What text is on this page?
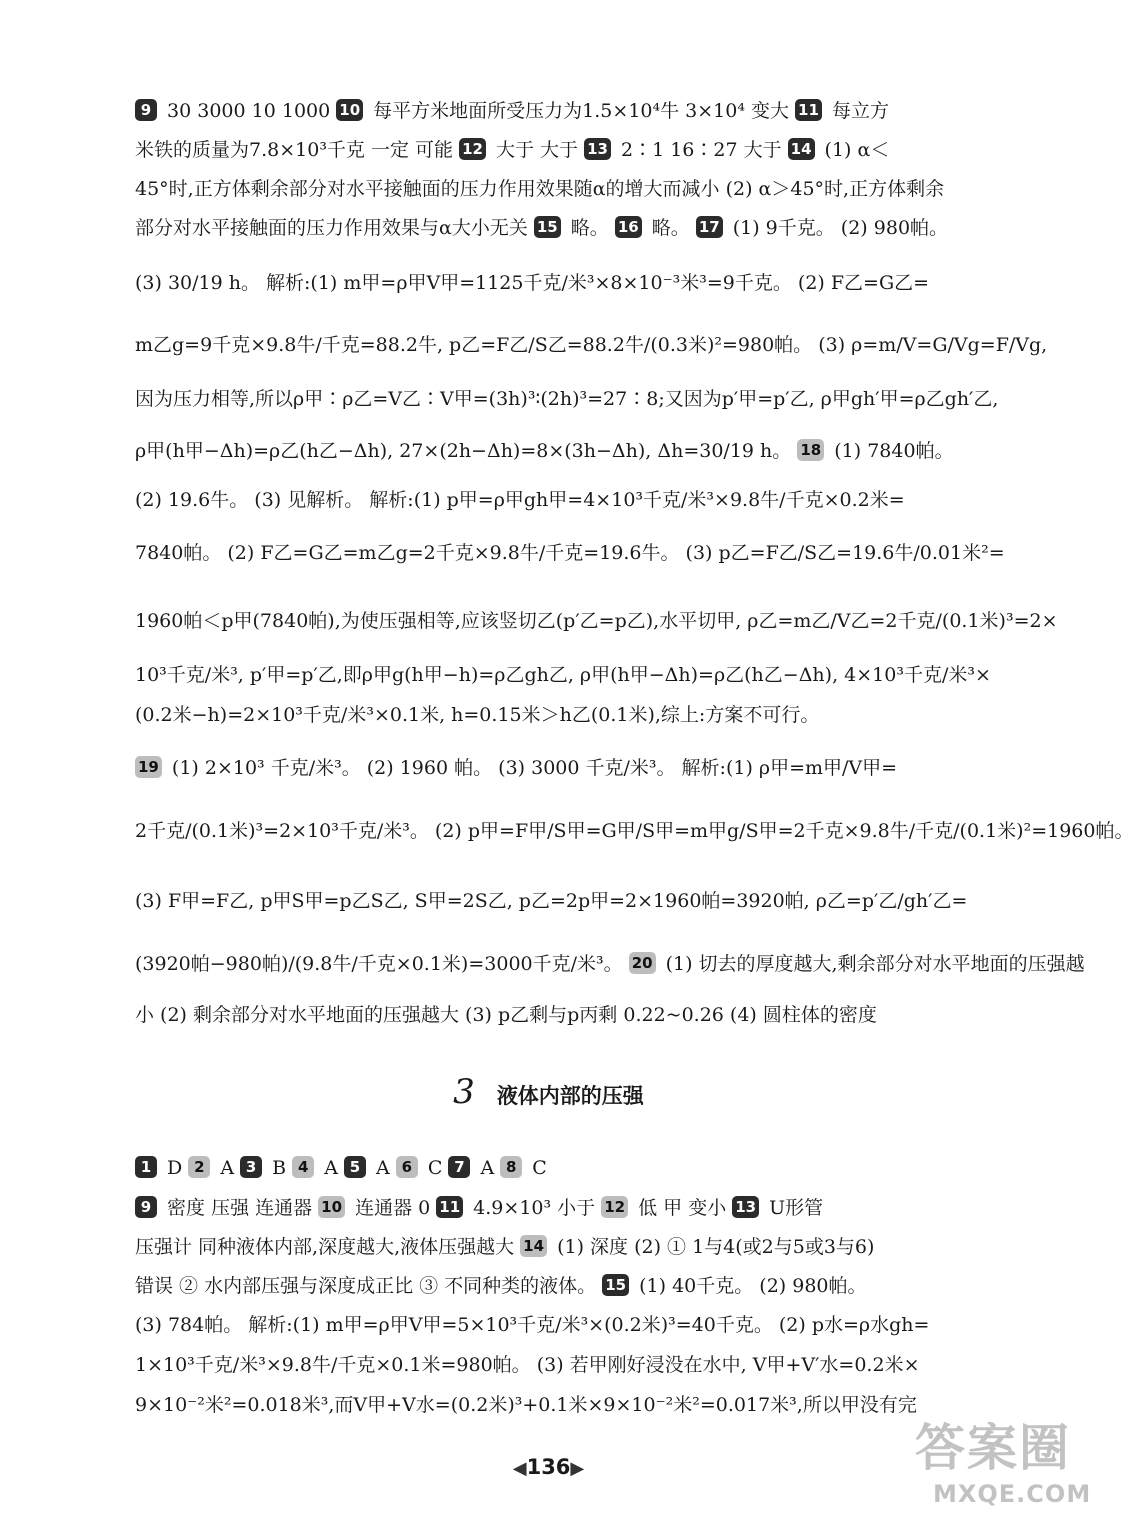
9 30 3000 10 1000 10 每平方米地面所受压力为1.5×10⁴牛 3×10⁴ 变大 11 每立方
米铁的质量为7.8×10³千克 一定 可能 12 大于 大于 13 2∶1 16∶27 大于 14 (1) α＜
45°时,正方体剩余部分对水平接触面的压力作用效果随α的增大而减小 (2) α＞45°时,正方体剩余
部分对水平接触面的压力作用效果与α大小无关 15 略。 16 略。 17 (1) 9千克。 (2) 980帕。
(3) 30/19 h。 解析:(1) m甲=ρ甲V甲=1125千克/米³×8×10⁻³米³=9千克。 (2) F乙=G乙=
m乙g=9千克×9.8牛/千克=88.2牛, p乙=F乙/S乙=88.2牛/(0.3米)²=980帕。 (3) ρ=m/V=G/Vg=F/Vg,
因为压力相等,所以ρ甲∶ρ乙=V乙∶V甲=(3h)³∶(2h)³=27∶8;又因为p′甲=p′乙, ρ甲gh′甲=ρ乙gh′乙,
ρ甲(h甲−Δh)=ρ乙(h乙−Δh), 27×(2h−Δh)=8×(3h−Δh), Δh=30/19 h。 18 (1) 7840帕。
(2) 19.6牛。 (3) 见解析。 解析:(1) p甲=ρ甲gh甲=4×10³千克/米³×9.8牛/千克×0.2米=
7840帕。 (2) F乙=G乙=m乙g=2千克×9.8牛/千克=19.6牛。 (3) p乙=F乙/S乙=19.6牛/0.01米²=
1960帕＜p甲(7840帕),为使压强相等,应该竖切乙(p′乙=p乙),水平切甲, ρ乙=m乙/V乙=2千克/(0.1米)³=2×
10³千克/米³, p′甲=p′乙,即ρ甲g(h甲−h)=ρ乙gh乙, ρ甲(h甲−Δh)=ρ乙(h乙−Δh), 4×10³千克/米³×
(0.2米−h)=2×10³千克/米³×0.1米, h=0.15米＞h乙(0.1米),综上:方案不可行。
19 (1) 2×10³ 千克/米³。 (2) 1960 帕。 (3) 3000 千克/米³。 解析:(1) ρ甲=m甲/V甲=
2千克/(0.1米)³=2×10³千克/米³。 (2) p甲=F甲/S甲=G甲/S甲=m甲g/S甲=2千克×9.8牛/千克/(0.1米)²=1960帕。
(3) F甲=F乙, p甲S甲=p乙S乙, S甲=2S乙, p乙=2p甲=2×1960帕=3920帕, ρ乙=p′乙/gh′乙=
(3920帕−980帕)/(9.8牛/千克×0.1米)=3000千克/米³。 20 (1) 切去的厚度越大,剩余部分对水平地面的压强越
小 (2) 剩余部分对水平地面的压强越大 (3) p乙剩与p丙剩 0.22~0.26 (4) 圆柱体的密度
3 液体内部的压强
1 D 2 A 3 B 4 A 5 A 6 C 7 A 8 C
9 密度 压强 连通器 10 连通器 0 11 4.9×10³ 小于 12 低 甲 变小 13 U形管
压强计 同种液体内部,深度越大,液体压强越大 14 (1) 深度 (2) ① 1与4(或2与5或3与6)
错误 ② 水内部压强与深度成正比 ③ 不同种类的液体。 15 (1) 40千克。 (2) 980帕。
(3) 784帕。 解析:(1) m甲=ρ甲V甲=5×10³千克/米³×(0.2米)³=40千克。 (2) p水=ρ水gh=
1×10³千克/米³×9.8牛/千克×0.1米=980帕。 (3) 若甲刚好浸没在水中, V甲+V′水=0.2米×
9×10⁻²米²=0.018米³,而V甲+V水=(0.2米)³+0.1米×9×10⁻²米²=0.017米³,所以甲没有完
◀136▶	答案圈
MXQE.COM
